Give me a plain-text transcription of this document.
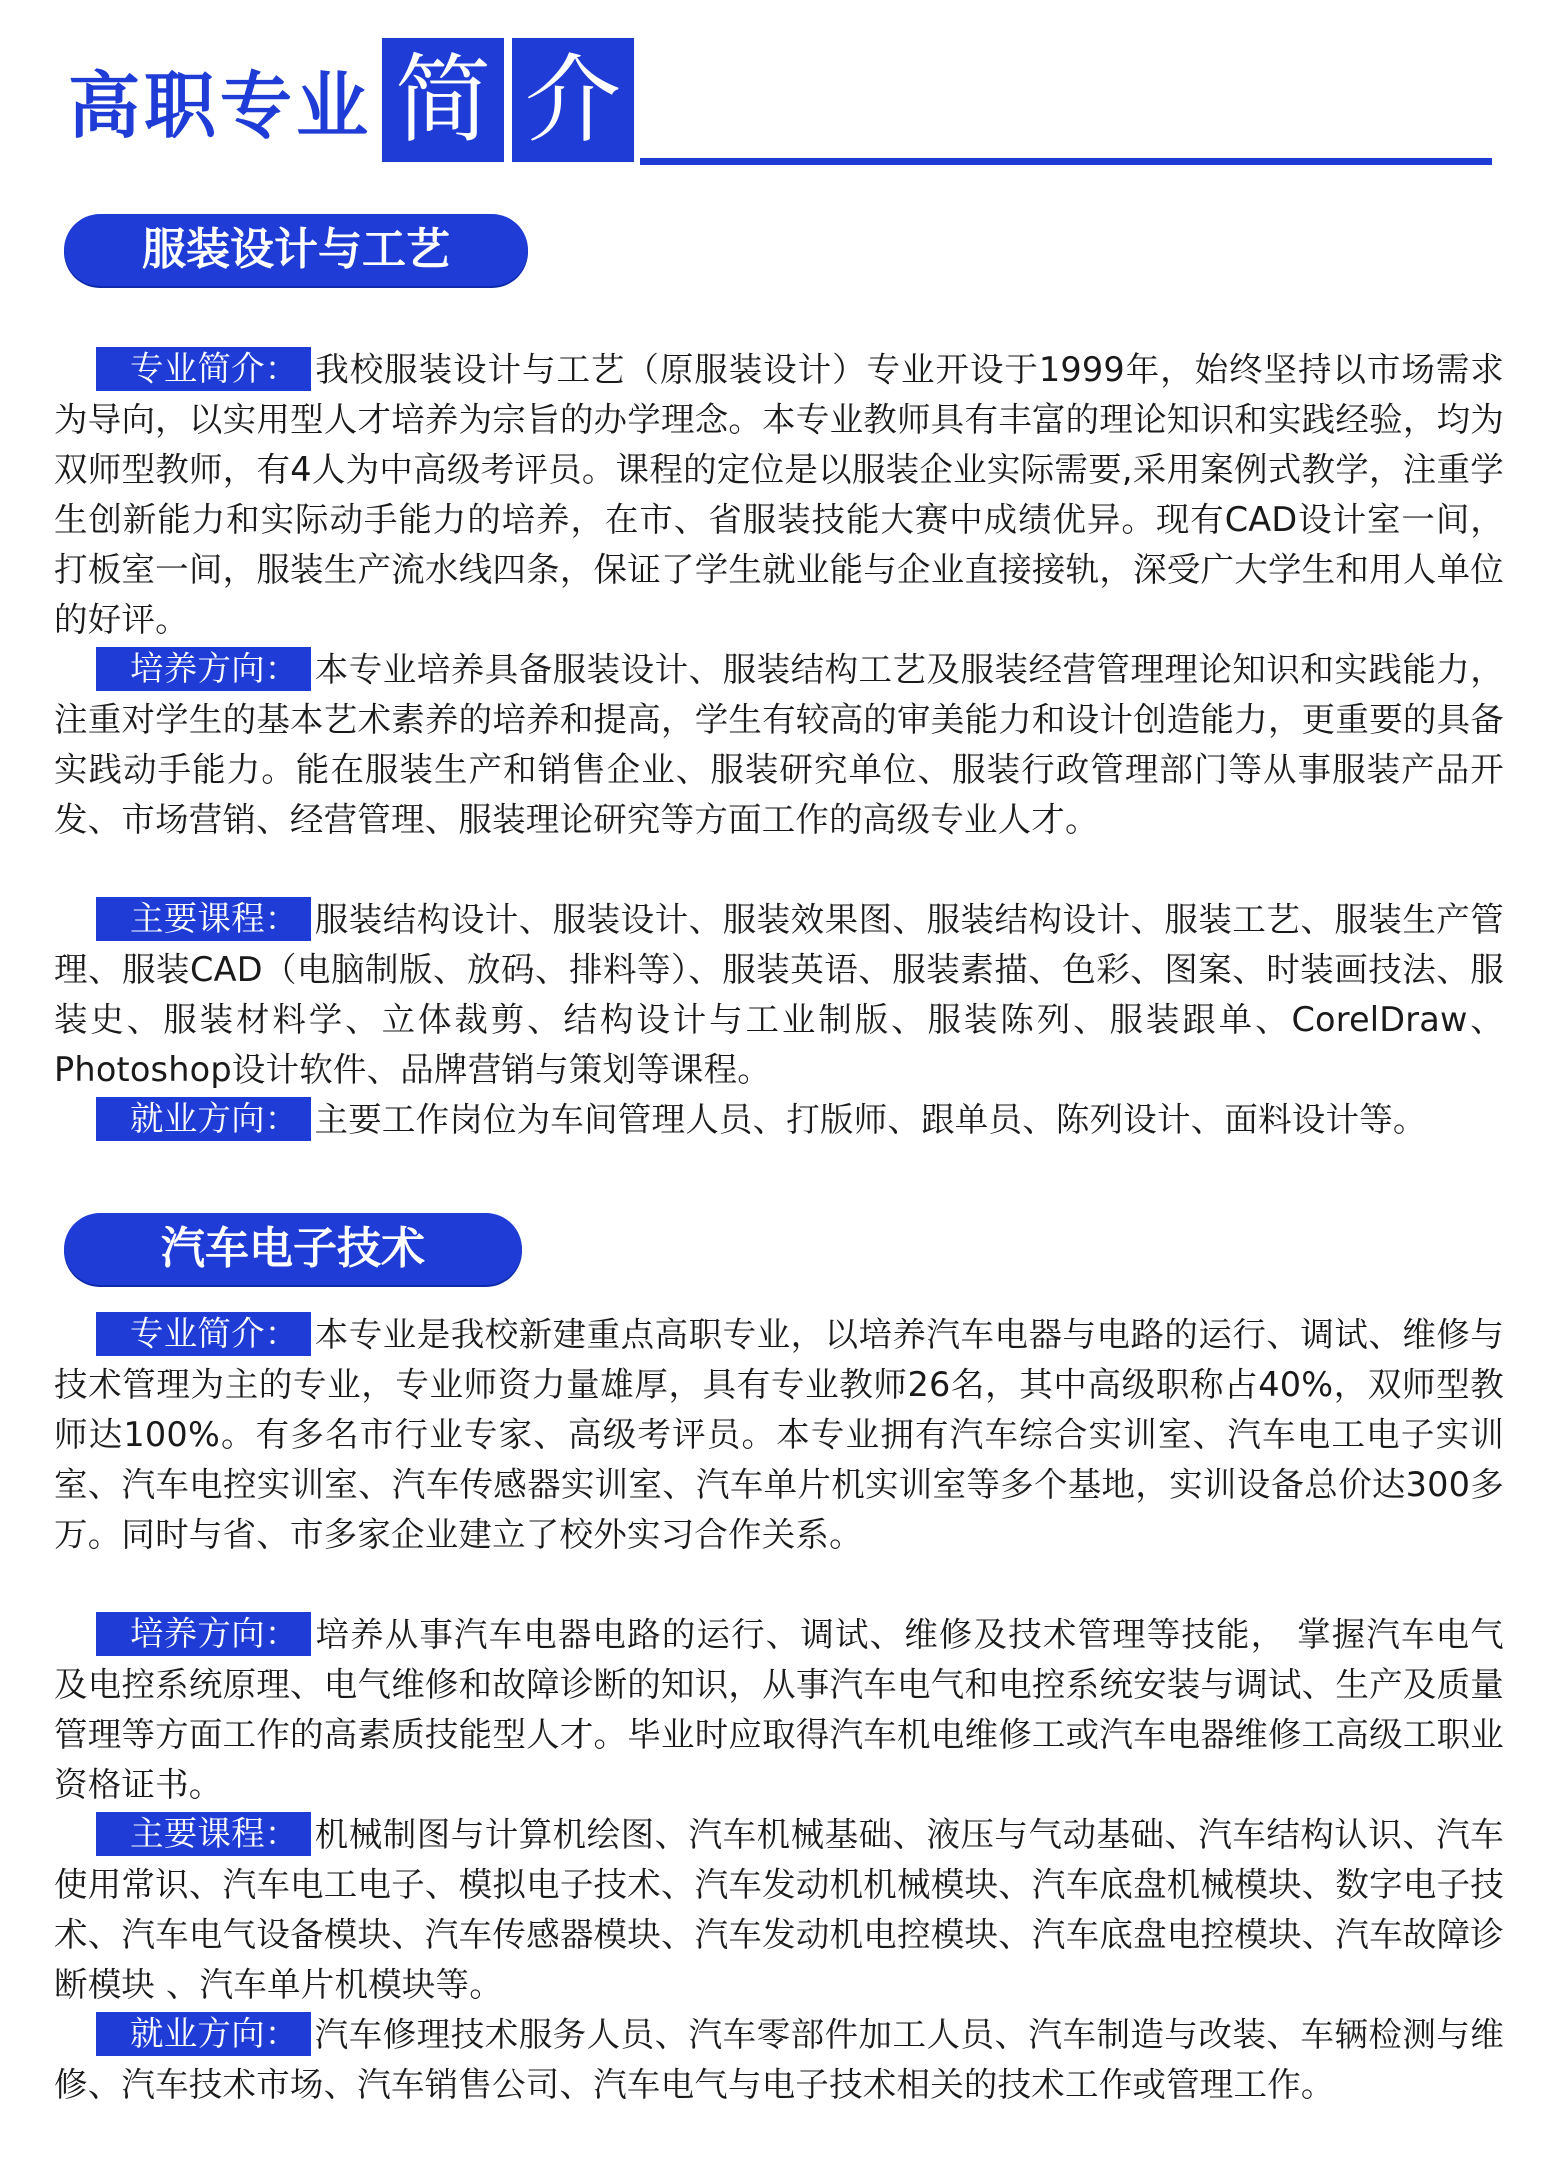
高职专业 简 介
服装设计与工艺

专业简介： 我校服装设计与工艺（原服装设计）专业开设于1999年，始终坚持以市场需求为导向，以实用型人才培养为宗旨的办学理念。本专业教师具有丰富的理论知识和实践经验，均为双师型教师，有4人为中高级考评员。课程的定位是以服装企业实际需要,采用案例式教学，注重学生创新能力和实际动手能力的培养，在市、省服装技能大赛中成绩优异。现有CAD设计室一间，打板室一间，服装生产流水线四条，保证了学生就业能与企业直接接轨，深受广大学生和用人单位的好评。

培养方向： 本专业培养具备服装设计、服装结构工艺及服装经营管理理论知识和实践能力，注重对学生的基本艺术素养的培养和提高，学生有较高的审美能力和设计创造能力，更重要的具备实践动手能力。能在服装生产和销售企业、服装研究单位、服装行政管理部门等从事服装产品开发、市场营销、经营管理、服装理论研究等方面工作的高级专业人才。

主要课程： 服装结构设计、服装设计、服装效果图、服装结构设计、服装工艺、服装生产管理、服装CAD（电脑制版、放码、排料等）、服装英语、服装素描、色彩、图案、时装画技法、服装史、服装材料学、立体裁剪、结构设计与工业制版、服装陈列、服装跟单、CorelDraw、Photoshop设计软件、品牌营销与策划等课程。

就业方向： 主要工作岗位为车间管理人员、打版师、跟单员、陈列设计、面料设计等。

汽车电子技术

专业简介： 本专业是我校新建重点高职专业，以培养汽车电器与电路的运行、调试、维修与技术管理为主的专业，专业师资力量雄厚，具有专业教师26名，其中高级职称占40%，双师型教师达100%。有多名市行业专家、高级考评员。本专业拥有汽车综合实训室、汽车电工电子实训室、汽车电控实训室、汽车传感器实训室、汽车单片机实训室等多个基地，实训设备总价达300多万。同时与省、市多家企业建立了校外实习合作关系。

培养方向： 培养从事汽车电器电路的运行、调试、维修及技术管理等技能， 掌握汽车电气及电控系统原理、电气维修和故障诊断的知识，从事汽车电气和电控系统安装与调试、生产及质量管理等方面工作的高素质技能型人才。毕业时应取得汽车机电维修工或汽车电器维修工高级工职业资格证书。

主要课程： 机械制图与计算机绘图、汽车机械基础、液压与气动基础、汽车结构认识、汽车使用常识、汽车电工电子、模拟电子技术、汽车发动机机械模块、汽车底盘机械模块、数字电子技术、汽车电气设备模块、汽车传感器模块、汽车发动机电控模块、汽车底盘电控模块、汽车故障诊断模块 、汽车单片机模块等。

就业方向： 汽车修理技术服务人员、汽车零部件加工人员、汽车制造与改装、车辆检测与维修、汽车技术市场、汽车销售公司、汽车电气与电子技术相关的技术工作或管理工作。
